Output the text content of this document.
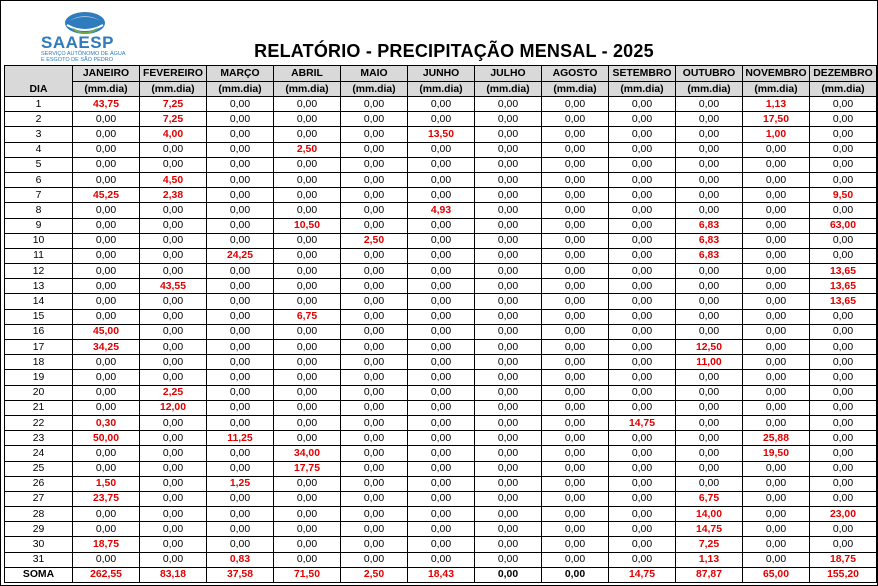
SAAESP
SERVIÇO AUTÔNOMO DE ÁGUA
E ESGOTO DE SÃO PEDRO	RELATÓRIO - PRECIPITAÇÃO MENSAL - 2025
DIA	JANEIRO	FEVEREIRO	MARÇO	ABRIL	MAIO	JUNHO	JULHO	AGOSTO	SETEMBRO	OUTUBRO	NOVEMBRO	DEZEMBRO
	(mm.dia)	(mm.dia)	(mm.dia)	(mm.dia)	(mm.dia)	(mm.dia)	(mm.dia)	(mm.dia)	(mm.dia)	(mm.dia)	(mm.dia)	(mm.dia)
1	43,75	7,25	0,00	0,00	0,00	0,00	0,00	0,00	0,00	0,00	1,13	0,00
2	0,00	7,25	0,00	0,00	0,00	0,00	0,00	0,00	0,00	0,00	17,50	0,00
3	0,00	4,00	0,00	0,00	0,00	13,50	0,00	0,00	0,00	0,00	1,00	0,00
4	0,00	0,00	0,00	2,50	0,00	0,00	0,00	0,00	0,00	0,00	0,00	0,00
5	0,00	0,00	0,00	0,00	0,00	0,00	0,00	0,00	0,00	0,00	0,00	0,00
6	0,00	4,50	0,00	0,00	0,00	0,00	0,00	0,00	0,00	0,00	0,00	0,00
7	45,25	2,38	0,00	0,00	0,00	0,00	0,00	0,00	0,00	0,00	0,00	9,50
8	0,00	0,00	0,00	0,00	0,00	4,93	0,00	0,00	0,00	0,00	0,00	0,00
9	0,00	0,00	0,00	10,50	0,00	0,00	0,00	0,00	0,00	6,83	0,00	63,00
10	0,00	0,00	0,00	0,00	2,50	0,00	0,00	0,00	0,00	6,83	0,00	0,00
11	0,00	0,00	24,25	0,00	0,00	0,00	0,00	0,00	0,00	6,83	0,00	0,00
12	0,00	0,00	0,00	0,00	0,00	0,00	0,00	0,00	0,00	0,00	0,00	13,65
13	0,00	43,55	0,00	0,00	0,00	0,00	0,00	0,00	0,00	0,00	0,00	13,65
14	0,00	0,00	0,00	0,00	0,00	0,00	0,00	0,00	0,00	0,00	0,00	13,65
15	0,00	0,00	0,00	6,75	0,00	0,00	0,00	0,00	0,00	0,00	0,00	0,00
16	45,00	0,00	0,00	0,00	0,00	0,00	0,00	0,00	0,00	0,00	0,00	0,00
17	34,25	0,00	0,00	0,00	0,00	0,00	0,00	0,00	0,00	12,50	0,00	0,00
18	0,00	0,00	0,00	0,00	0,00	0,00	0,00	0,00	0,00	11,00	0,00	0,00
19	0,00	0,00	0,00	0,00	0,00	0,00	0,00	0,00	0,00	0,00	0,00	0,00
20	0,00	2,25	0,00	0,00	0,00	0,00	0,00	0,00	0,00	0,00	0,00	0,00
21	0,00	12,00	0,00	0,00	0,00	0,00	0,00	0,00	0,00	0,00	0,00	0,00
22	0,30	0,00	0,00	0,00	0,00	0,00	0,00	0,00	14,75	0,00	0,00	0,00
23	50,00	0,00	11,25	0,00	0,00	0,00	0,00	0,00	0,00	0,00	25,88	0,00
24	0,00	0,00	0,00	34,00	0,00	0,00	0,00	0,00	0,00	0,00	19,50	0,00
25	0,00	0,00	0,00	17,75	0,00	0,00	0,00	0,00	0,00	0,00	0,00	0,00
26	1,50	0,00	1,25	0,00	0,00	0,00	0,00	0,00	0,00	0,00	0,00	0,00
27	23,75	0,00	0,00	0,00	0,00	0,00	0,00	0,00	0,00	6,75	0,00	0,00
28	0,00	0,00	0,00	0,00	0,00	0,00	0,00	0,00	0,00	14,00	0,00	23,00
29	0,00	0,00	0,00	0,00	0,00	0,00	0,00	0,00	0,00	14,75	0,00	0,00
30	18,75	0,00	0,00	0,00	0,00	0,00	0,00	0,00	0,00	7,25	0,00	0,00
31	0,00	0,00	0,83	0,00	0,00	0,00	0,00	0,00	0,00	1,13	0,00	18,75
SOMA	262,55	83,18	37,58	71,50	2,50	18,43	0,00	0,00	14,75	87,87	65,00	155,20
